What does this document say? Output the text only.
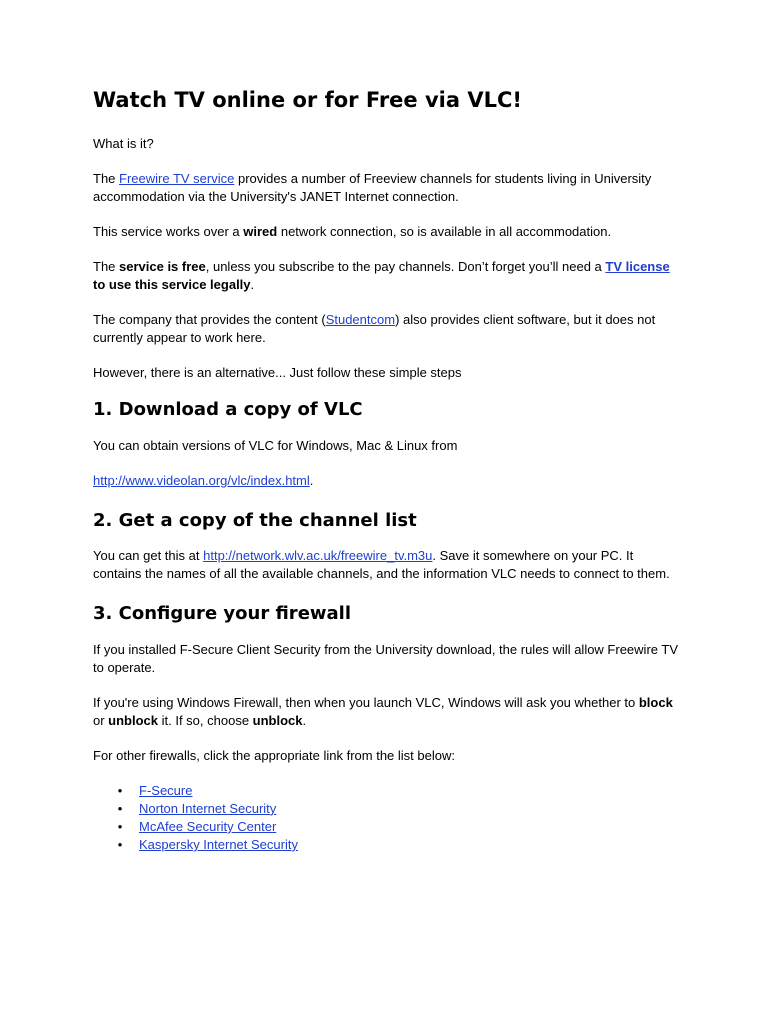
Watch TV online or for Free via VLC!

What is it?

The Freewire TV service provides a number of Freeview channels for students living in University accommodation via the University's JANET Internet connection.

This service works over a wired network connection, so is available in all accommodation.

The service is free, unless you subscribe to the pay channels. Don’t forget you’ll need a TV license to use this service legally.

The company that provides the content (Studentcom) also provides client software, but it does not currently appear to work here.

However, there is an alternative... Just follow these simple steps

1. Download a copy of VLC

You can obtain versions of VLC for Windows, Mac & Linux from

http://www.videolan.org/vlc/index.html.

2. Get a copy of the channel list

You can get this at http://network.wlv.ac.uk/freewire_tv.m3u. Save it somewhere on your PC. It contains the names of all the available channels, and the information VLC needs to connect to them.

3. Configure your firewall

If you installed F-Secure Client Security from the University download, the rules will allow Freewire TV to operate.

If you're using Windows Firewall, then when you launch VLC, Windows will ask you whether to block or unblock it. If so, choose unblock.

For other firewalls, click the appropriate link from the list below:

• F-Secure
• Norton Internet Security
• McAfee Security Center
• Kaspersky Internet Security
